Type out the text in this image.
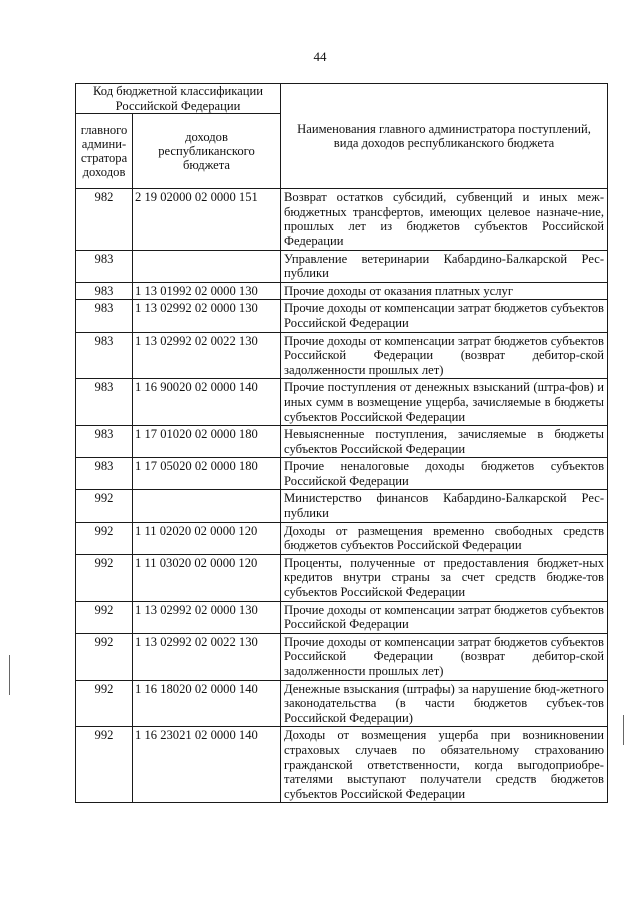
44
Код бюджетной классификации Российской Федерации		Наименования главного администратора поступлений, вида доходов республиканского бюджета
главного админи-стратора доходов	доходов республиканского бюджета	
982	2 19 02000 02 0000 151	Возврат остатков субсидий, субвенций и иных меж-бюджетных трансфертов, имеющих целевое назначе-ние, прошлых лет из бюджетов субъектов Российской Федерации
983		Управление ветеринарии Кабардино-Балкарской Рес-публики
983	1 13 01992 02 0000 130	Прочие доходы от оказания платных услуг
983	1 13 02992 02 0000 130	Прочие доходы от компенсации затрат бюджетов субъектов Российской Федерации
983	1 13 02992 02 0022 130	Прочие доходы от компенсации затрат бюджетов субъектов Российской Федерации (возврат дебитор-ской задолженности прошлых лет)
983	1 16 90020 02 0000 140	Прочие поступления от денежных взысканий (штра-фов) и иных сумм в возмещение ущерба, зачисляемые в бюджеты субъектов Российской Федерации
983	1 17 01020 02 0000 180	Невыясненные поступления, зачисляемые в бюджеты субъектов Российской Федерации
983	1 17 05020 02 0000 180	Прочие неналоговые доходы бюджетов субъектов Российской Федерации
992		Министерство финансов Кабардино-Балкарской Рес-публики
992	1 11 02020 02 0000 120	Доходы от размещения временно свободных средств бюджетов субъектов Российской Федерации
992	1 11 03020 02 0000 120	Проценты, полученные от предоставления бюджет-ных кредитов внутри страны за счет средств бюдже-тов субъектов Российской Федерации
992	1 13 02992 02 0000 130	Прочие доходы от компенсации затрат бюджетов субъектов Российской Федерации
992	1 13 02992 02 0022 130	Прочие доходы от компенсации затрат бюджетов субъектов Российской Федерации (возврат дебитор-ской задолженности прошлых лет)
992	1 16 18020 02 0000 140	Денежные взыскания (штрафы) за нарушение бюд-жетного законодательства (в части бюджетов субъек-тов Российской Федерации)
992	1 16 23021 02 0000 140	Доходы от возмещения ущерба при возникновении страховых случаев по обязательному страхованию гражданской ответственности, когда выгодоприобре-тателями выступают получатели средств бюджетов субъектов Российской Федерации
